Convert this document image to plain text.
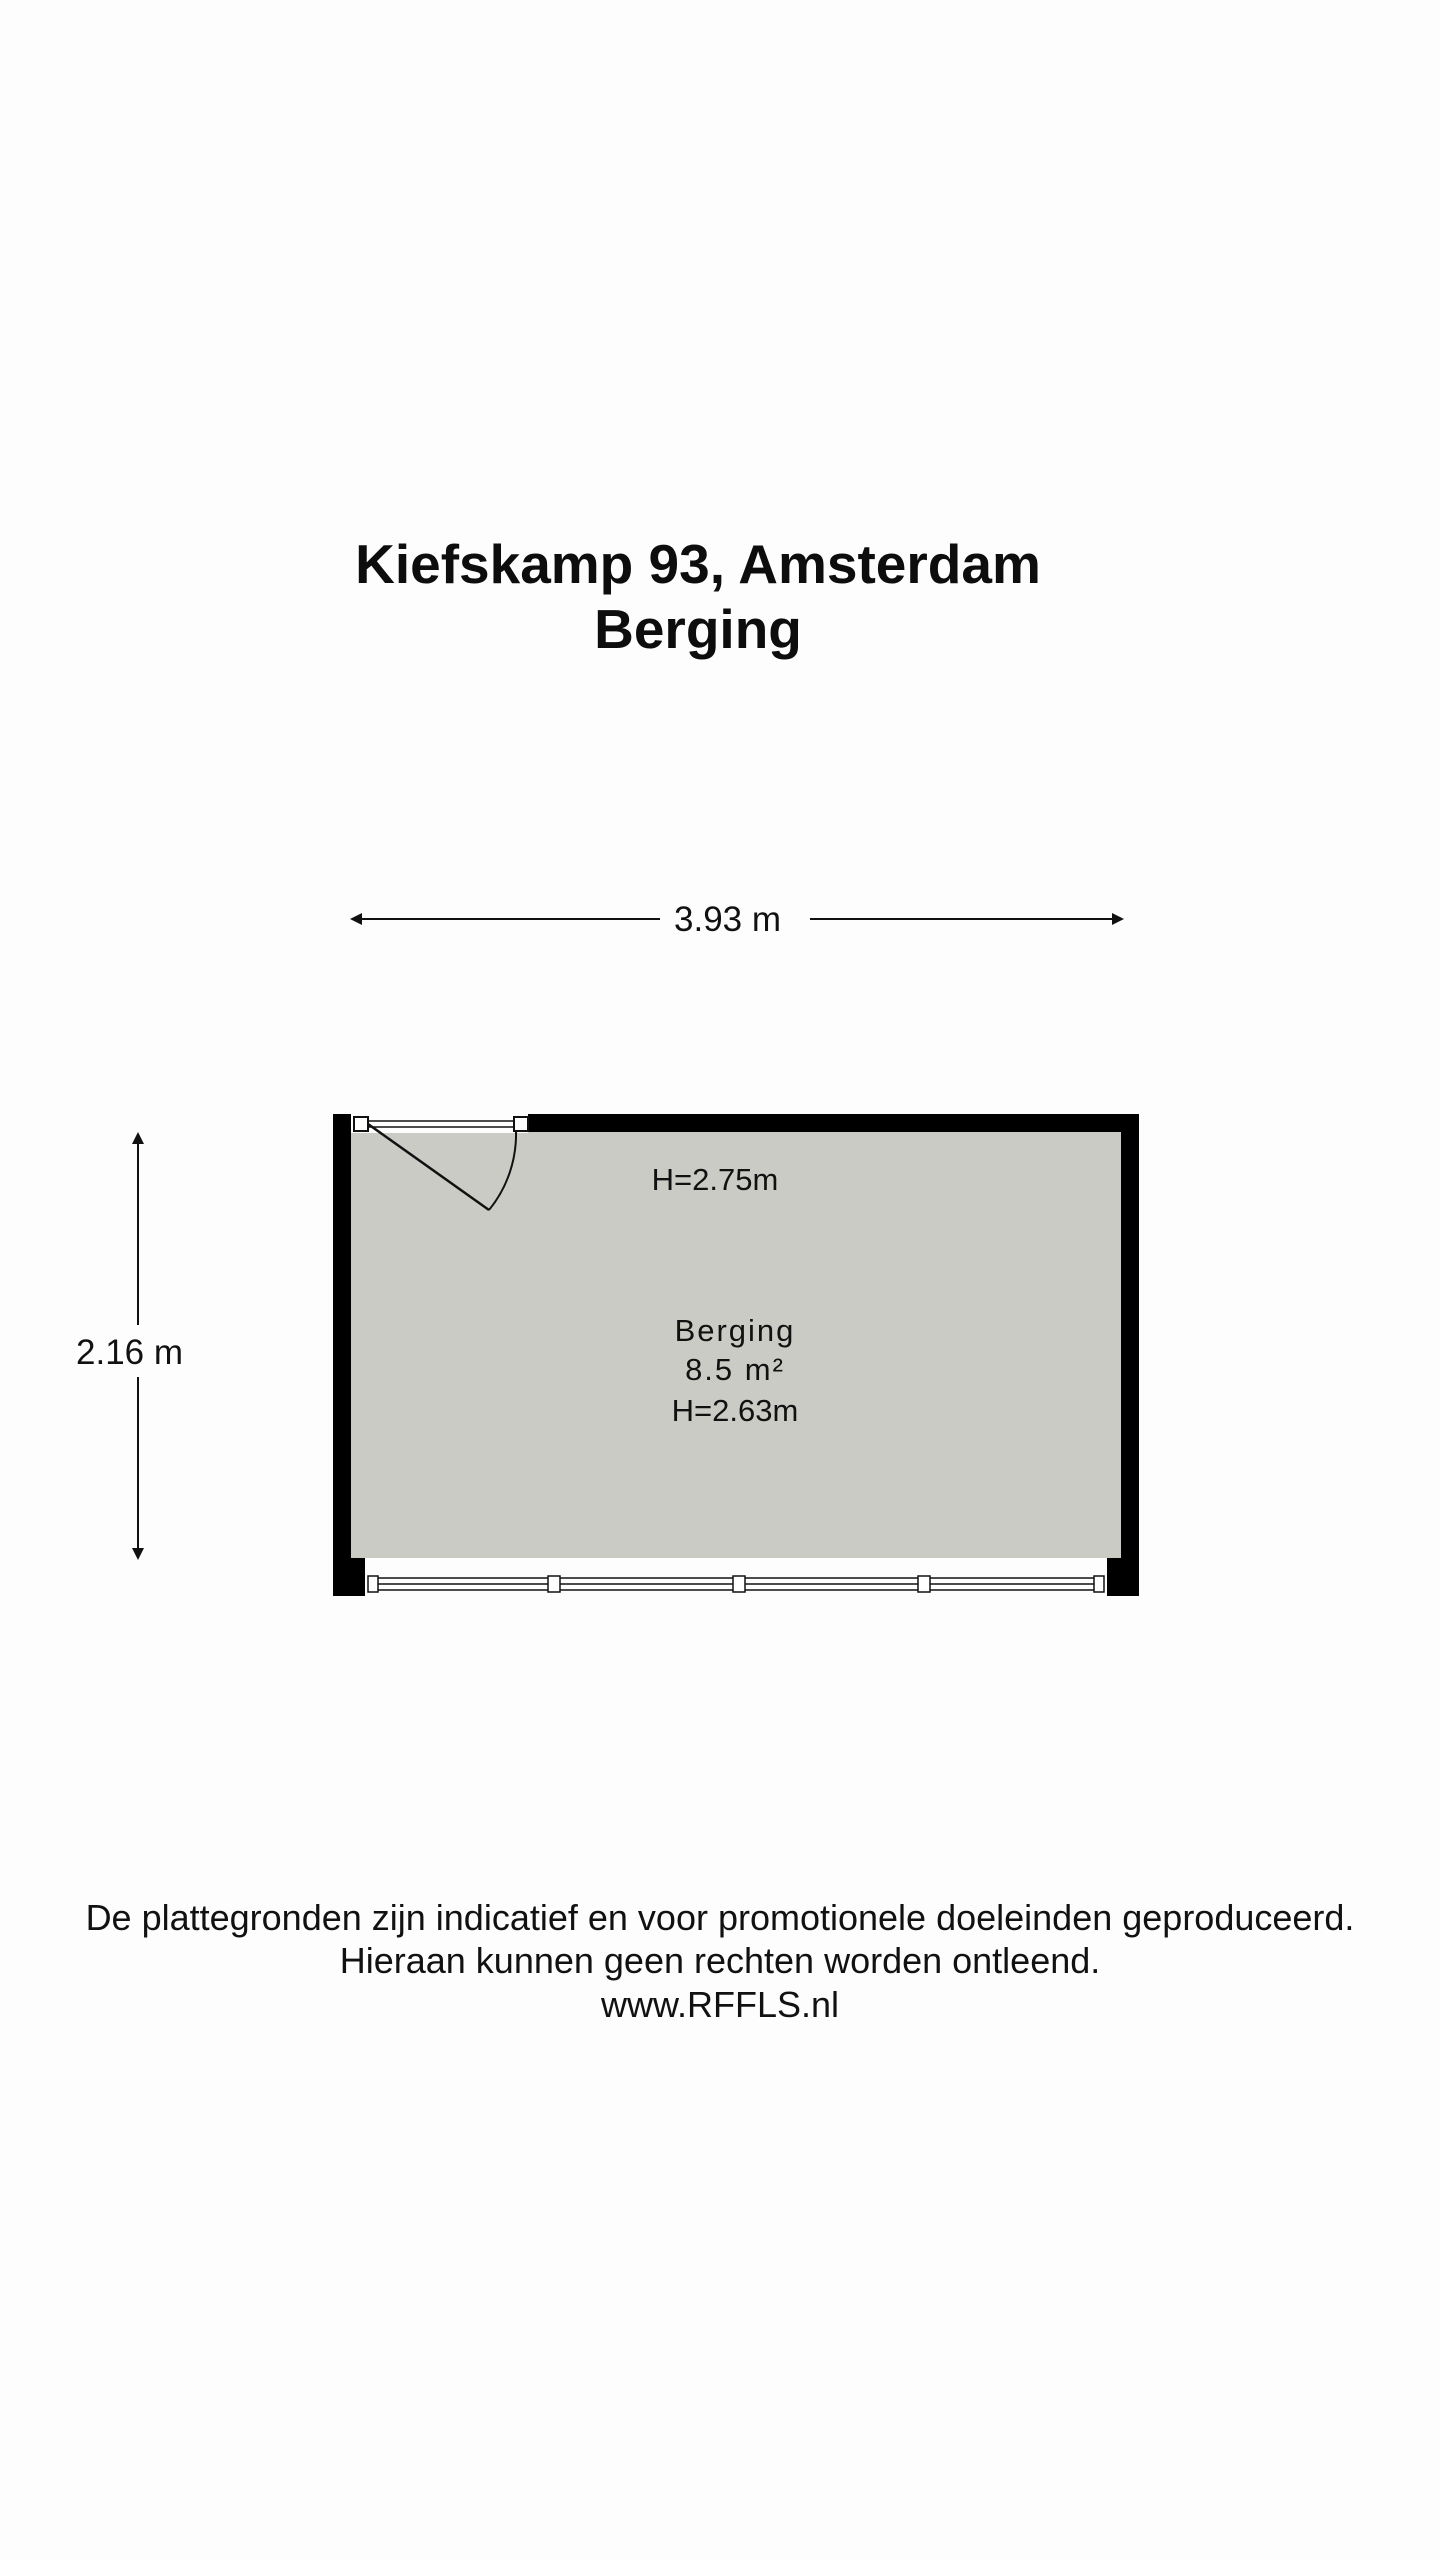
Kiefskamp 93, Amsterdam
Berging
3.93 m
2.16 m
H=2.75m
Berging
8.5 m²
H=2.63m
De plattegronden zijn indicatief en voor promotionele doeleinden geproduceerd.
Hieraan kunnen geen rechten worden ontleend.
www.RFFLS.nl
